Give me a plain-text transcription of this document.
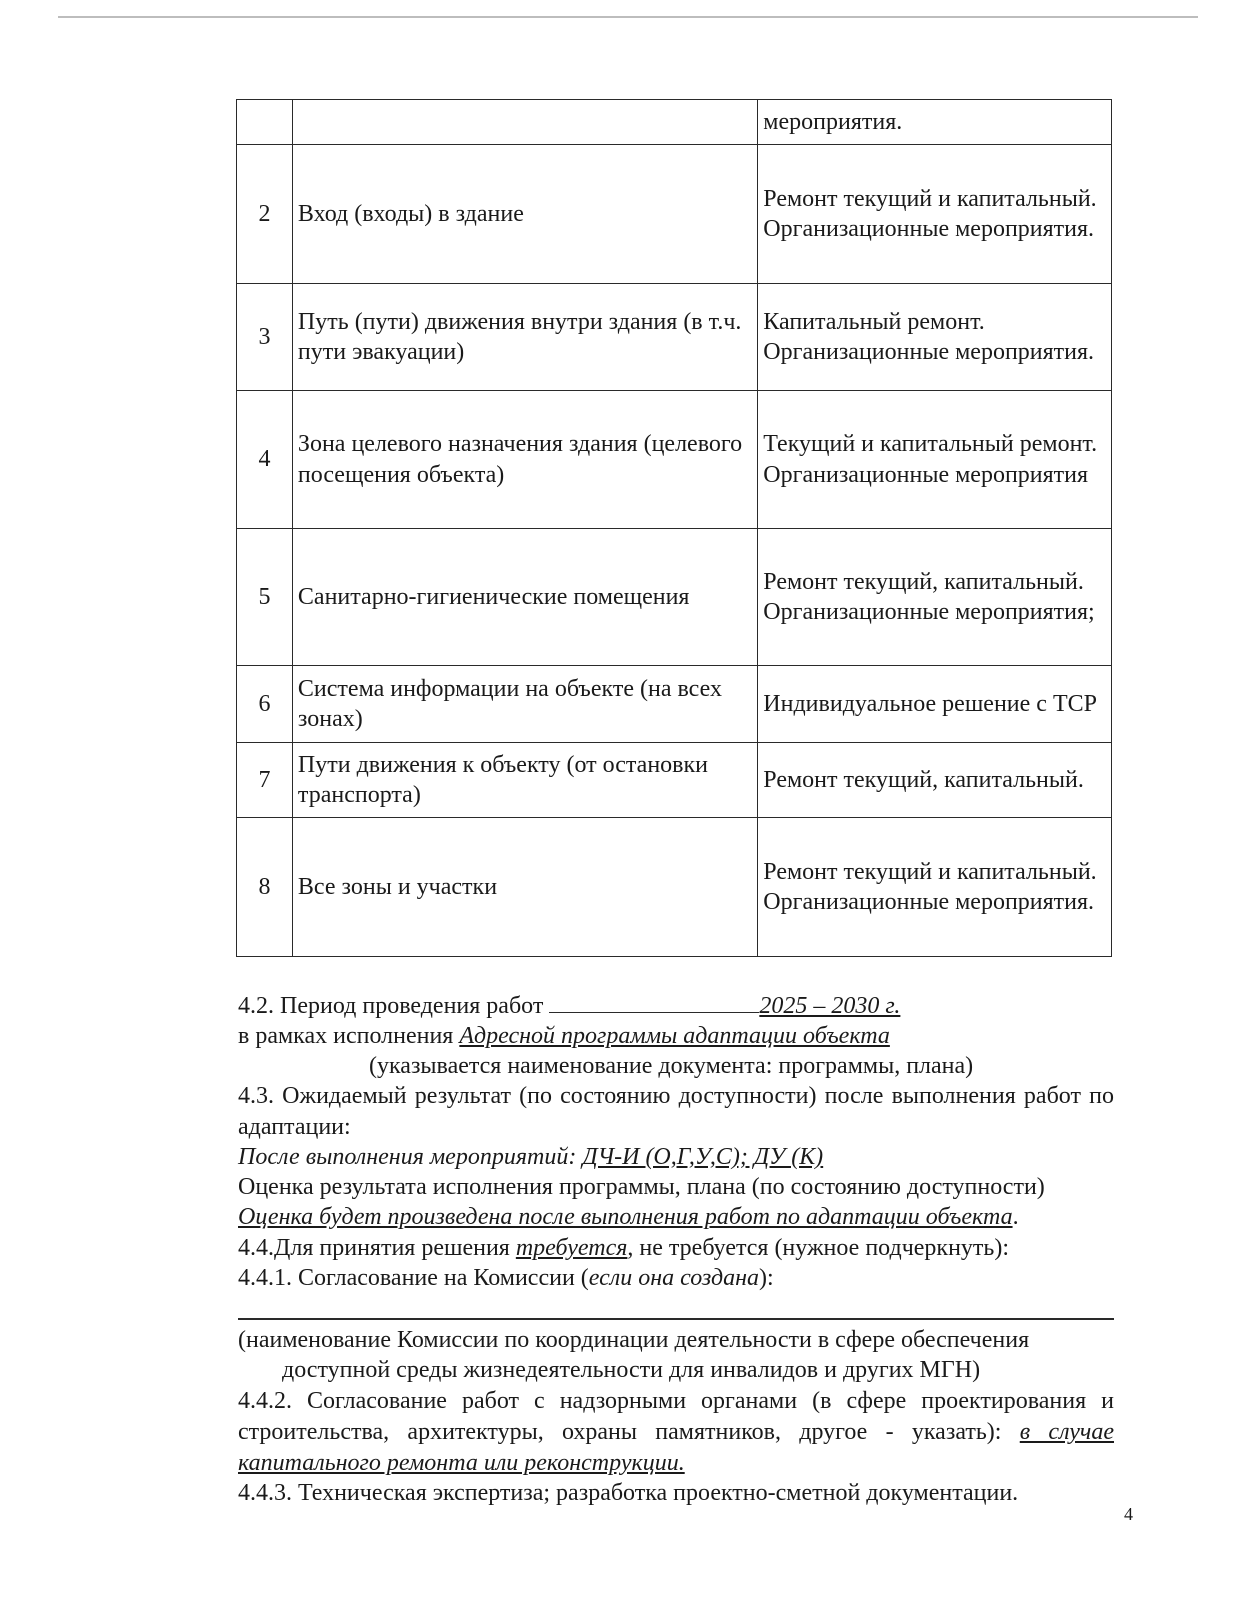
		мероприятия.
2	Вход (входы) в здание	Ремонт текущий и капитальный. Организационные мероприятия.
3	Путь (пути) движения внутри здания (в т.ч. пути эвакуации)	Капитальный ремонт. Организационные мероприятия.
4	Зона целевого назначения здания (целевого посещения объекта)	Текущий и капитальный ремонт. Организационные мероприятия
5	Санитарно-гигиенические помещения	Ремонт текущий, капитальный. Организационные мероприятия;
6	Система информации на объекте (на всех зонах)	Индивидуальное решение с ТСР
7	Пути движения к объекту (от остановки транспорта)	Ремонт текущий, капитальный.
8	Все зоны и участки	Ремонт текущий и капитальный. Организационные мероприятия.
4.2. Период проведения работ	2025 – 2030 г.
в рамках исполнения Адресной программы адаптации объекта
(указывается наименование документа: программы, плана)
4.3. Ожидаемый результат (по состоянию доступности) после выполнения работ по адаптации:
После выполнения мероприятий: ДЧ-И (О,Г,У,С); ДУ (К)
Оценка результата исполнения программы, плана (по состоянию доступности)
Оценка будет произведена после выполнения работ по адаптации объекта.
4.4.Для принятия решения требуется, не требуется (нужное подчеркнуть):
4.4.1. Согласование на Комиссии (если она создана):
(наименование Комиссии по координации деятельности в сфере обеспечения
доступной среды жизнедеятельности для инвалидов и других МГН)
4.4.2. Согласование работ с надзорными органами (в сфере проектирования и строительства, архитектуры, охраны памятников, другое - указать): в случае капитального ремонта или реконструкции.
4.4.3. Техническая экспертиза; разработка проектно-сметной документации.
4
